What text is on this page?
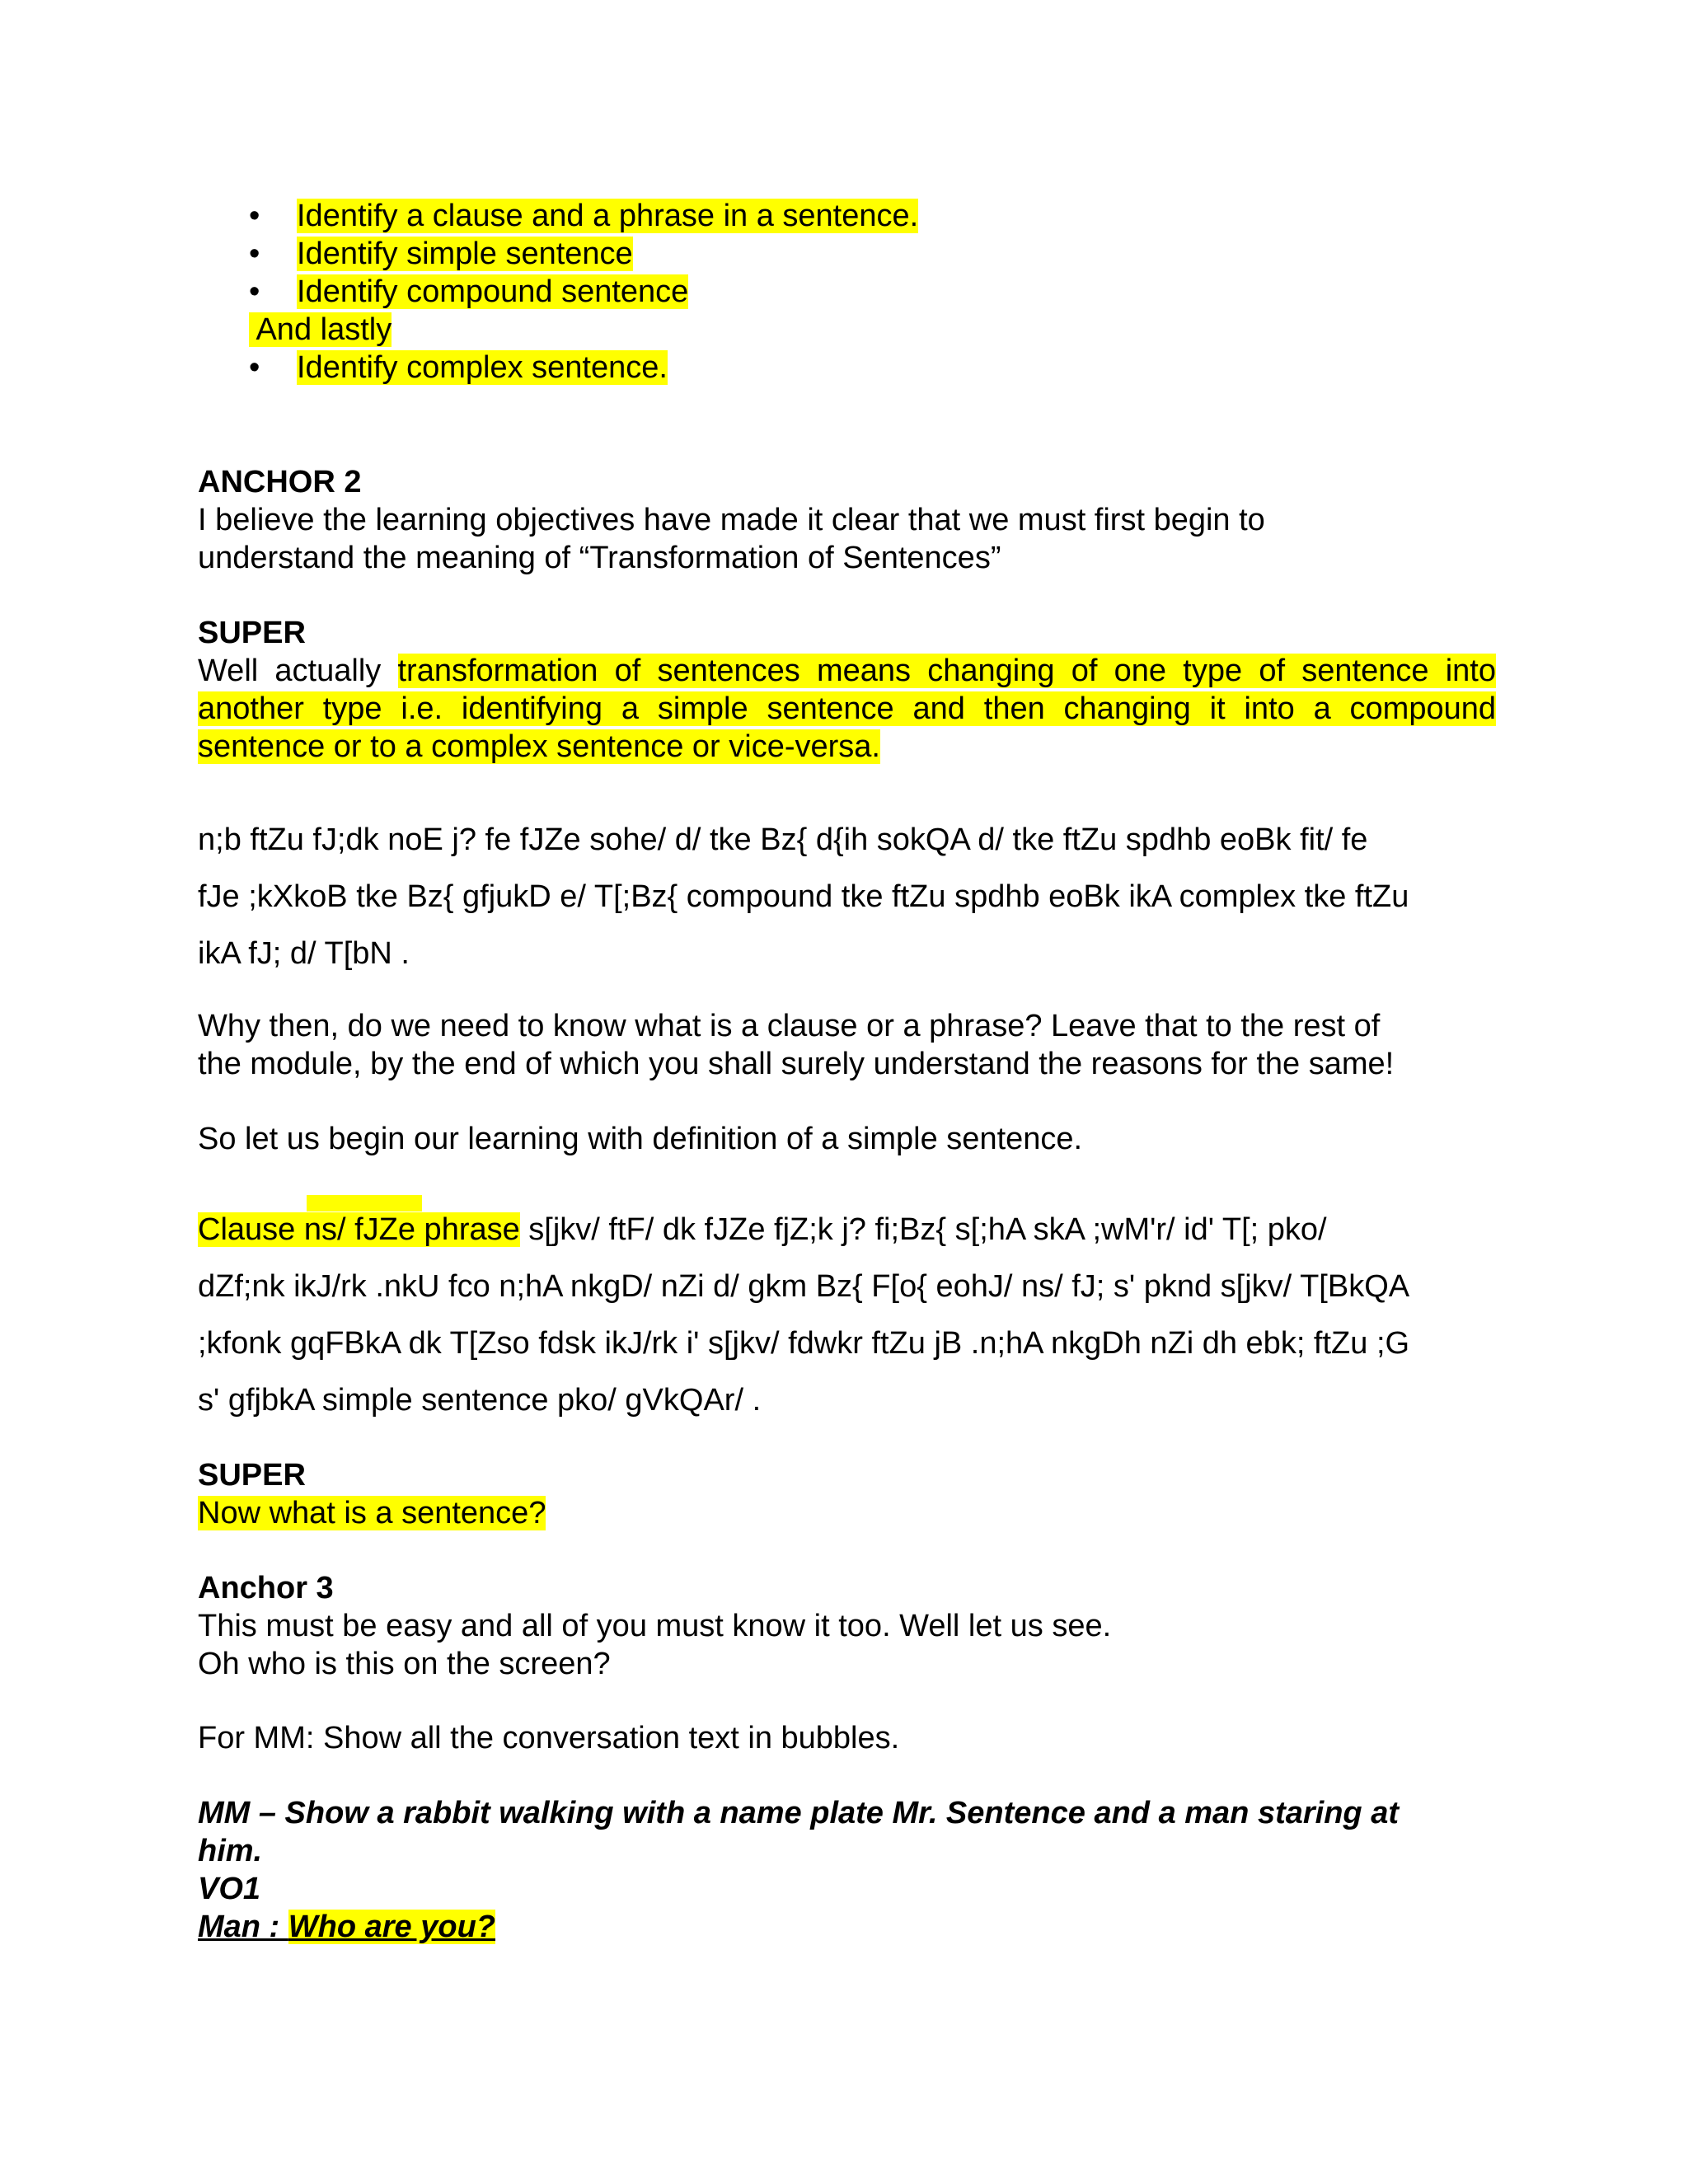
• Identify a clause and a phrase in a sentence.
• Identify simple sentence
• Identify compound sentence
And lastly
• Identify complex sentence.
ANCHOR 2
I believe the learning objectives have made it clear that we must first begin to
understand the meaning of “Transformation of Sentences”
SUPER
Well actually transformation of sentences means changing of one type of sentence into another type i.e. identifying a simple sentence and then changing it into a compound sentence or to a complex sentence or vice-versa.
n;b ftZu fJ;dk noE j? fe fJZe sohe/ d/ tke Bz{ d{ih sokQA d/ tke ftZu spdhb eoBk fit/ fe
fJe ;kXkoB tke Bz{ gfjukD e/ T[;Bz{ compound tke ftZu spdhb eoBk ikA complex tke ftZu
ikA fJ; d/ T[bN .
Why then, do we need to know what is a clause or a phrase? Leave that to the rest of
the module, by the end of which you shall surely understand the reasons for the same!
So let us begin our learning with definition of a simple sentence.
Clause ns/ fJZe phrase s[jkv/ ftF/ dk fJZe fjZ;k j? fi;Bz{ s[;hA skA ;wM'r/ id' T[; pko/
dZf;nk ikJ/rk .nkU fco n;hA nkgD/ nZi d/ gkm Bz{ F[o{ eohJ/ ns/ fJ; s' pknd s[jkv/ T[BkQA
;kfonk gqFBkA dk T[Zso fdsk ikJ/rk i' s[jkv/ fdwkr ftZu jB .n;hA nkgDh nZi dh ebk; ftZu ;G
s' gfjbkA simple sentence pko/ gVkQAr/ .
SUPER
Now what is a sentence?
Anchor 3
This must be easy and all of you must know it too. Well let us see.
Oh who is this on the screen?
For MM: Show all the conversation text in bubbles.
MM – Show a rabbit walking with a name plate Mr. Sentence and a man staring at
him.
VO1
Man : Who are you?
